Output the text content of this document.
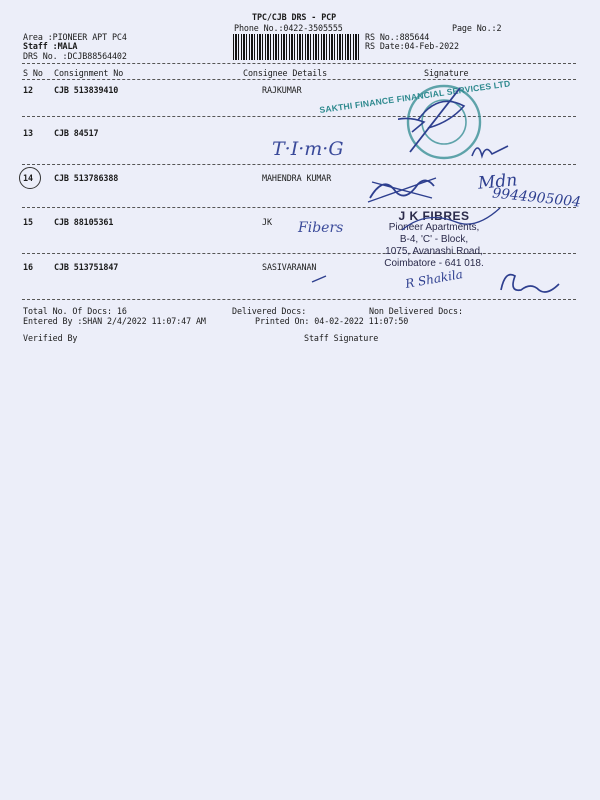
TPC/CJB DRS - PCP
Phone No.:0422-3505555	Page No.:2
Area :PIONEER APT PC4
Staff :MALA
DRS No. :DCJB88564402
RS No.:885644
RS Date:04-Feb-2022
S No Consignment No	Consignee Details	Signature
12	CJB 513839410	RAJKUMAR
13	CJB 84517
14	CJB 513786388	MAHENDRA KUMAR
15	CJB 88105361	JK
16	CJB 513751847	SASIVARANAN
Total No. Of Docs: 16	Delivered Docs:	Non Delivered Docs:
Entered By :SHAN 2/4/2022 11:07:47 AM	Printed On: 04-02-2022 11:07:50
Verified By	Staff Signature
SAKTHI FINANCE FINANCIAL SERVICES LTD
T·I·m·G
Mdn
9944905004
Fibers
J K FIBRES
Pioneer Apartments,
B-4, 'C' - Block,
1075, Avanashi Road,
Coimbatore - 641 018.
R Shakila
